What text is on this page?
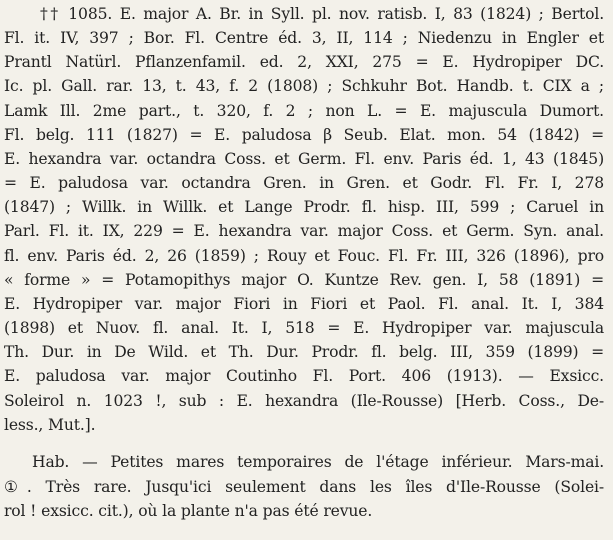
†† 1085. E. major A. Br. in Syll. pl. nov. ratisb. I, 83 (1824) ; Bertol.
Fl. it. IV, 397 ; Bor. Fl. Centre éd. 3, II, 114 ; Niedenzu in Engler et
Prantl Natürl. Pflanzenfamil. ed. 2, XXI, 275 = E. Hydropiper DC.
Ic. pl. Gall. rar. 13, t. 43, f. 2 (1808) ; Schkuhr Bot. Handb. t. CIX a ;
Lamk Ill. 2me part., t. 320, f. 2 ; non L. = E. majuscula Dumort.
Fl. belg. 111 (1827) = E. paludosa β Seub. Elat. mon. 54 (1842) =
E. hexandra var. octandra Coss. et Germ. Fl. env. Paris éd. 1, 43 (1845)
= E. paludosa var. octandra Gren. in Gren. et Godr. Fl. Fr. I, 278
(1847) ; Willk. in Willk. et Lange Prodr. fl. hisp. III, 599 ; Caruel in
Parl. Fl. it. IX, 229 = E. hexandra var. major Coss. et Germ. Syn. anal.
fl. env. Paris éd. 2, 26 (1859) ; Rouy et Fouc. Fl. Fr. III, 326 (1896), pro
« forme » = Potamopithys major O. Kuntze Rev. gen. I, 58 (1891) =
E. Hydropiper var. major Fiori in Fiori et Paol. Fl. anal. It. I, 384
(1898) et Nuov. fl. anal. It. I, 518 = E. Hydropiper var. majuscula
Th. Dur. in De Wild. et Th. Dur. Prodr. fl. belg. III, 359 (1899) =
E. paludosa var. major Coutinho Fl. Port. 406 (1913). — Exsicc.
Soleirol n. 1023 !, sub : E. hexandra (Ile-Rousse) [Herb. Coss., De-
less., Mut.].
Hab. — Petites mares temporaires de l'étage inférieur. Mars-mai.
①. Très rare. Jusqu'ici seulement dans les îles d'Ile-Rousse (Solei-
rol ! exsicc. cit.), où la plante n'a pas été revue.
